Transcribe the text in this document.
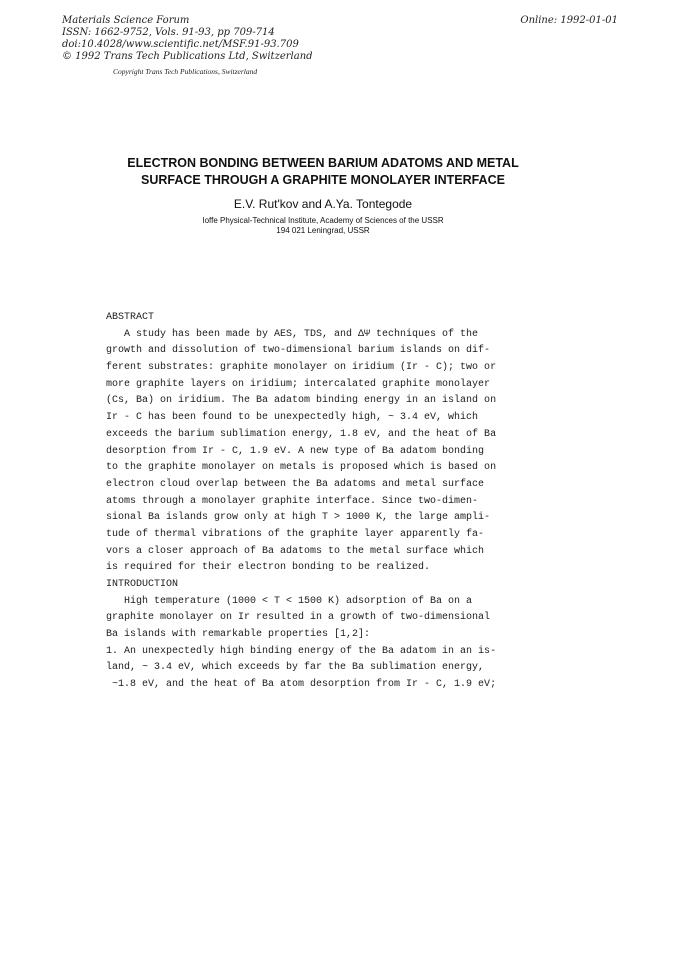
Materials Science Forum
ISSN: 1662-9752, Vols. 91-93, pp 709-714
doi:10.4028/www.scientific.net/MSF.91-93.709
© 1992 Trans Tech Publications Ltd, Switzerland
Online: 1992-01-01
Copyright Trans Tech Publications, Switzerland
ELECTRON BONDING BETWEEN BARIUM ADATOMS AND METAL
SURFACE THROUGH A GRAPHITE MONOLAYER INTERFACE
E.V. Rut'kov and A.Ya. Tontegode
Ioffe Physical-Technical Institute, Academy of Sciences of the USSR
194 021 Leningrad, USSR
ABSTRACT
A study has been made by AES, TDS, and ΔΨ techniques of the
growth and dissolution of two-dimensional barium islands on dif-
ferent substrates: graphite monolayer on iridium (Ir - C); two or
more graphite layers on iridium; intercalated graphite monolayer
(Cs, Ba) on iridium. The Ba adatom binding energy in an island on
Ir - C has been found to be unexpectedly high, ~ 3.4 eV, which
exceeds the barium sublimation energy, 1.8 eV, and the heat of Ba
desorption from Ir - C, 1.9 eV. A new type of Ba adatom bonding
to the graphite monolayer on metals is proposed which is based on
electron cloud overlap between the Ba adatoms and metal surface
atoms through a monolayer graphite interface. Since two-dimen-
sional Ba islands grow only at high T > 1000 K, the large ampli-
tude of thermal vibrations of the graphite layer apparently fa-
vors a closer approach of Ba adatoms to the metal surface which
is required for their electron bonding to be realized.
INTRODUCTION
High temperature (1000 < T < 1500 K) adsorption of Ba on a
graphite monolayer on Ir resulted in a growth of two-dimensional
Ba islands with remarkable properties [1,2]:
1. An unexpectedly high binding energy of the Ba adatom in an is-
land, ~ 3.4 eV, which exceeds by far the Ba sublimation energy,
~1.8 eV, and the heat of Ba atom desorption from Ir - C, 1.9 eV;
